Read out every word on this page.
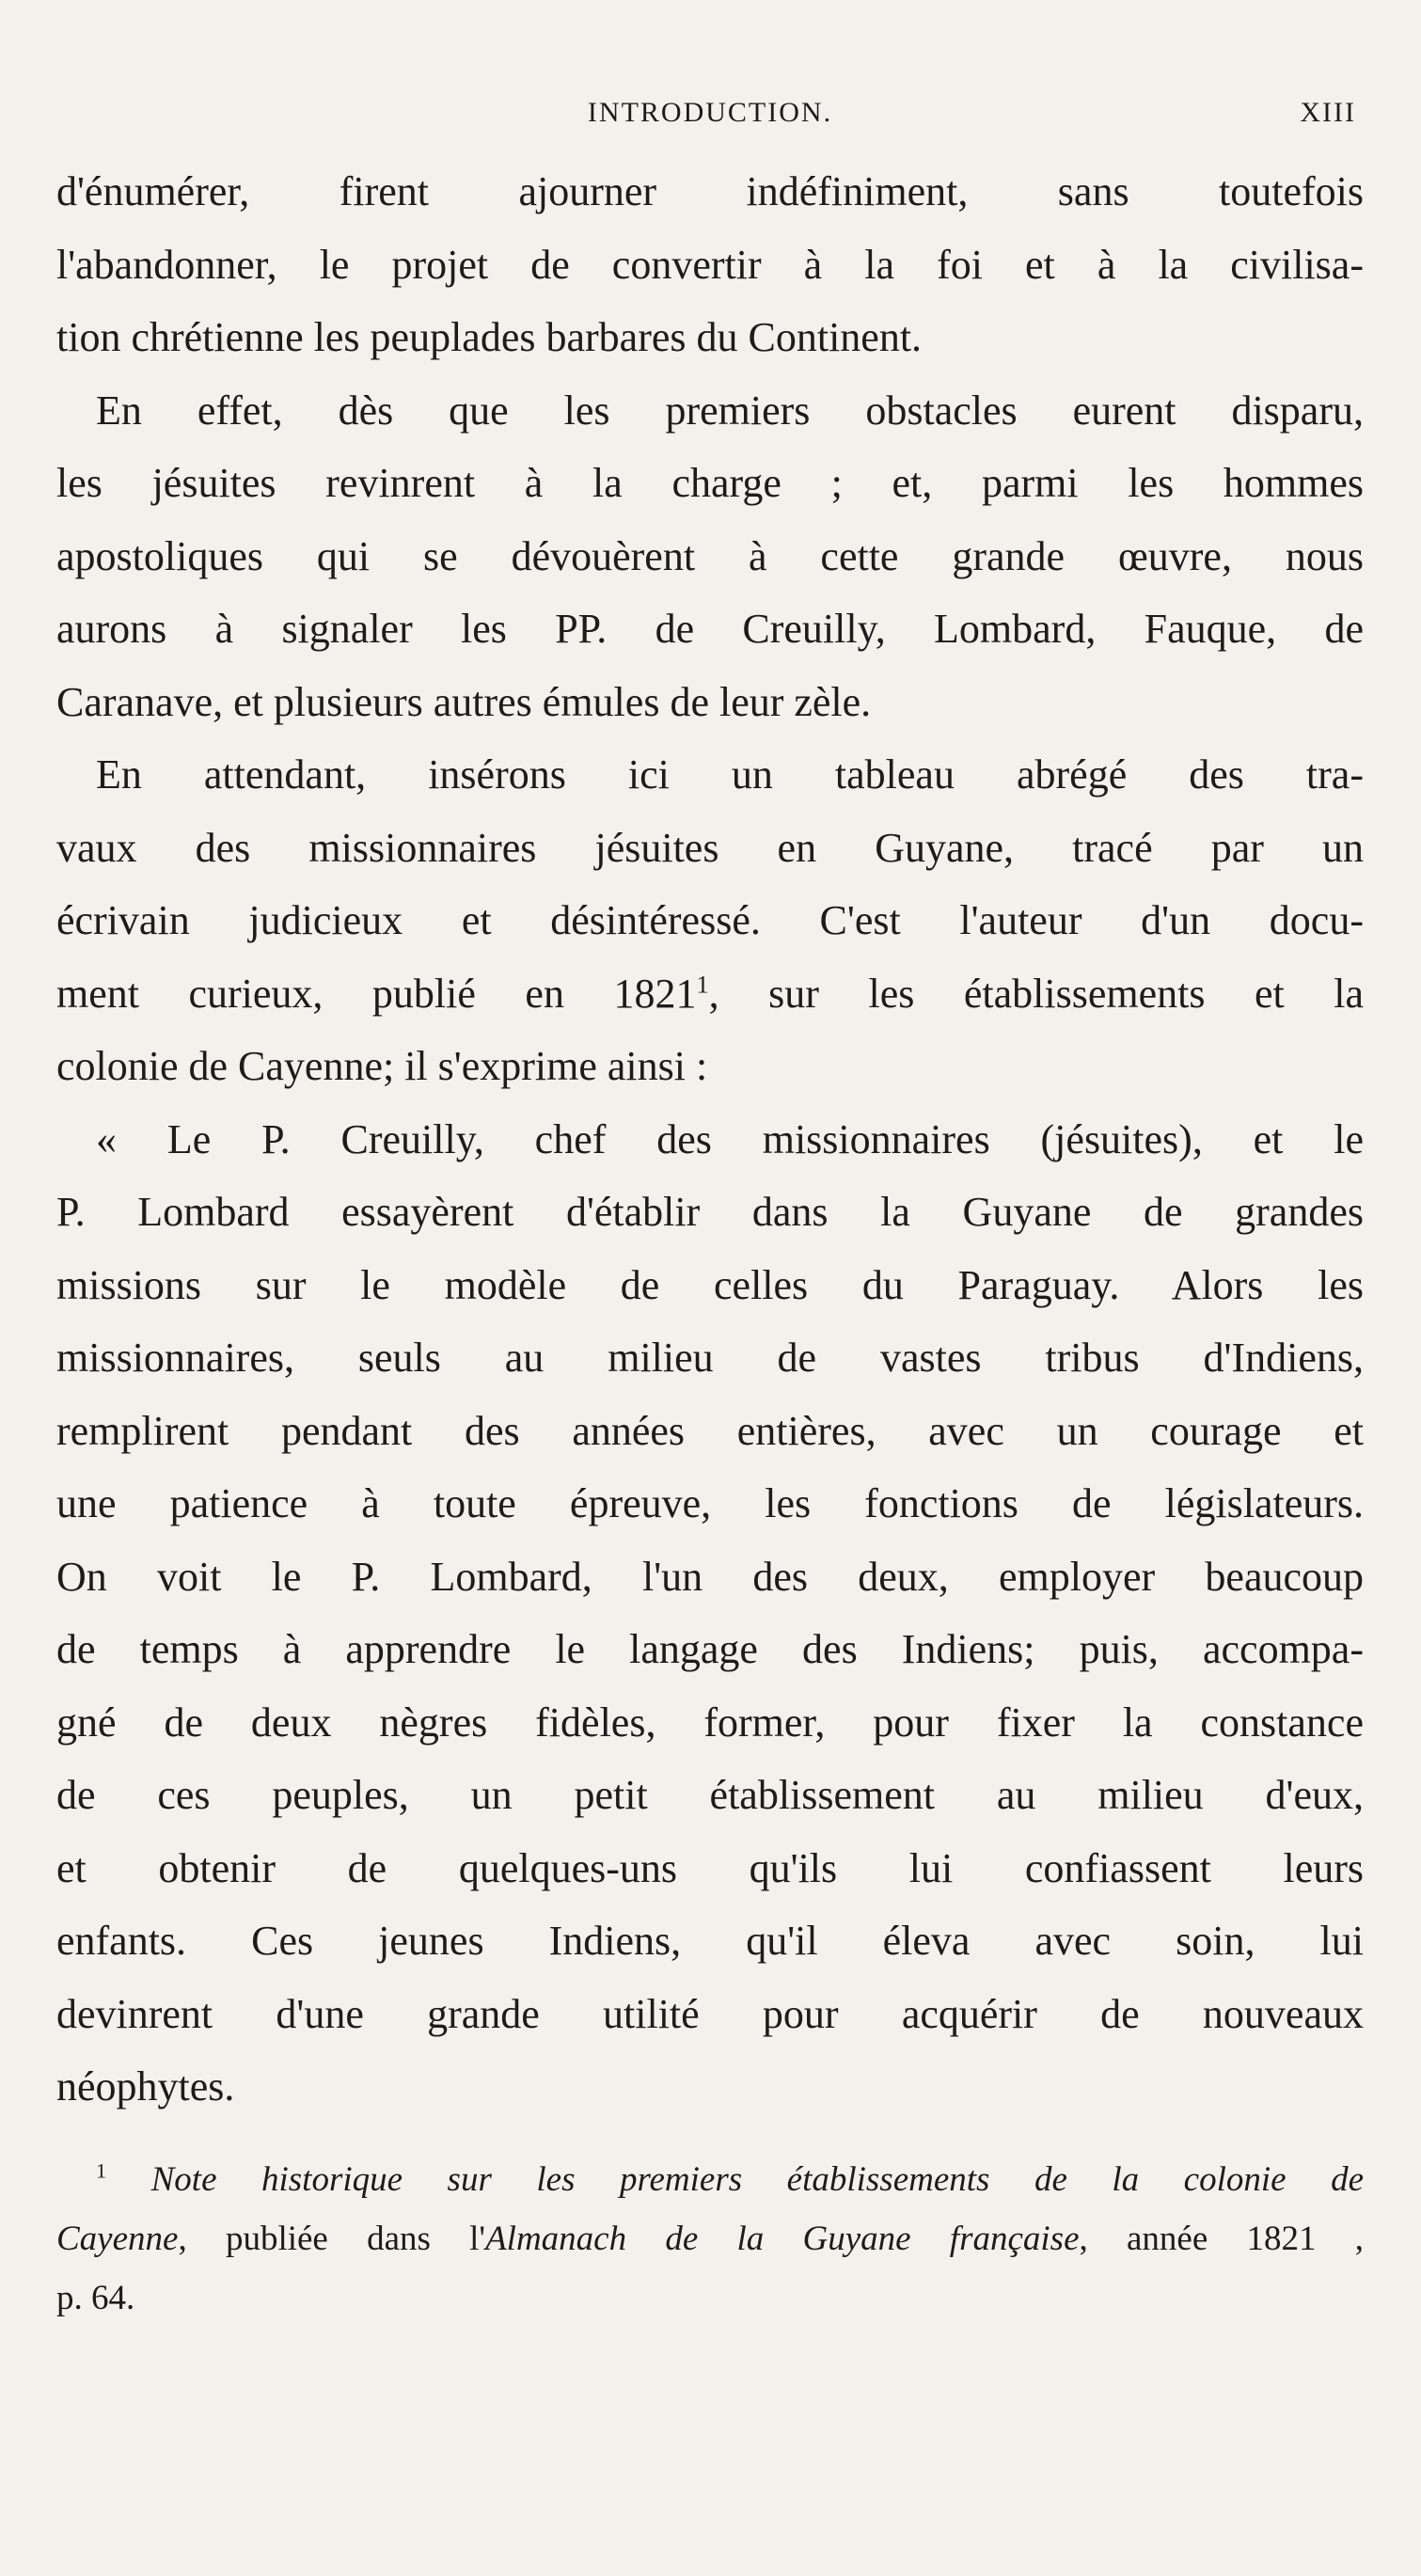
INTRODUCTION.	XIII
d'énumérer, firent ajourner indéfiniment, sans toutefois
l'abandonner, le projet de convertir à la foi et à la civilisa-
tion chrétienne les peuplades barbares du Continent.
En effet, dès que les premiers obstacles eurent disparu,
les jésuites revinrent à la charge ; et, parmi les hommes
apostoliques qui se dévouèrent à cette grande œuvre, nous
aurons à signaler les PP. de Creuilly, Lombard, Fauque, de
Caranave, et plusieurs autres émules de leur zèle.
En attendant, insérons ici un tableau abrégé des tra-
vaux des missionnaires jésuites en Guyane, tracé par un
écrivain judicieux et désintéressé. C'est l'auteur d'un docu-
ment curieux, publié en 1821$^1$, sur les établissements et la
colonie de Cayenne; il s'exprime ainsi :
« Le P. Creuilly, chef des missionnaires (jésuites), et le
P. Lombard essayèrent d'établir dans la Guyane de grandes
missions sur le modèle de celles du Paraguay. Alors les
missionnaires, seuls au milieu de vastes tribus d'Indiens,
remplirent pendant des années entières, avec un courage et
une patience à toute épreuve, les fonctions de législateurs.
On voit le P. Lombard, l'un des deux, employer beaucoup
de temps à apprendre le langage des Indiens; puis, accompa-
gné de deux nègres fidèles, former, pour fixer la constance
de ces peuples, un petit établissement au milieu d'eux,
et obtenir de quelques-uns qu'ils lui confiassent leurs
enfants. Ces jeunes Indiens, qu'il éleva avec soin, lui
devinrent d'une grande utilité pour acquérir de nouveaux
néophytes.
$^1$ Note historique sur les premiers établissements de la colonie de
Cayenne, publiée dans l'Almanach de la Guyane française, année 1821 ,
p. 64.
